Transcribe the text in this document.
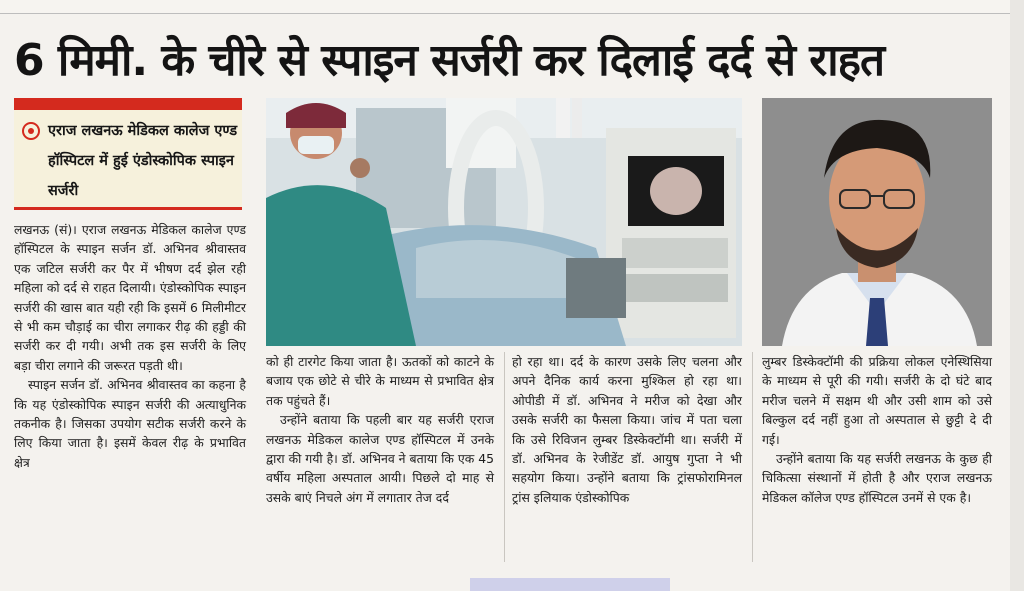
6 मिमी. के चीरे से स्पाइन सर्जरी कर दिलाई दर्द से राहत
एराज लखनऊ मेडिकल कालेज एण्ड हॉस्पिटल में हुई एंडोस्कोपिक स्पाइन सर्जरी

लखनऊ (सं)। एराज लखनऊ मेडिकल कालेज एण्ड हॉस्पिटल के स्पाइन सर्जन डॉ. अभिनव श्रीवास्तव एक जटिल सर्जरी कर पैर में भीषण दर्द झेल रही महिला को दर्द से राहत दिलायी। एंडोस्कोपिक स्पाइन सर्जरी की खास बात यही रही कि इसमें 6 मिलीमीटर से भी कम चौड़ाई का चीरा लगाकर रीढ़ की हड्डी की सर्जरी कर दी गयी। अभी तक इस सर्जरी के लिए बड़ा चीरा लगाने की जरूरत पड़ती थी।

स्पाइन सर्जन डॉ. अभिनव श्रीवास्तव का कहना है कि यह एंडोस्कोपिक स्पाइन सर्जरी की अत्याधुनिक तकनीक है। जिसका उपयोग सटीक सर्जरी करने के लिए किया जाता है। इसमें केवल रीढ़ के प्रभावित क्षेत्र

को ही टारगेट किया जाता है। ऊतकों को काटने के बजाय एक छोटे से चीरे के माध्यम से प्रभावित क्षेत्र तक पहुंचते हैं।

उन्होंने बताया कि पहली बार यह सर्जरी एराज लखनऊ मेडिकल कालेज एण्ड हॉस्पिटल में उनके द्वारा की गयी है। डॉ. अभिनव ने बताया कि एक 45 वर्षीय महिला अस्पताल आयी। पिछले दो माह से उसके बाएं निचले अंग में लगातार तेज दर्द

हो रहा था। दर्द के कारण उसके लिए चलना और अपने दैनिक कार्य करना मुश्किल हो रहा था। ओपीडी में डॉ. अभिनव ने मरीज को देखा और उसके सर्जरी का फैसला किया। जांच में पता चला कि उसे रिविजन लुम्बर डिस्केक्टॉमी था। सर्जरी में डॉ. अभिनव के रेजीडेंट डॉ. आयुष गुप्ता ने भी सहयोग किया। उन्होंने बताया कि ट्रांसफोरामिनल ट्रांस इलियाक एंडोस्कोपिक

लुम्बर डिस्केक्टॉमी की प्रक्रिया लोकल एनेस्थिसिया के माध्यम से पूरी की गयी। सर्जरी के दो घंटे बाद मरीज चलने में सक्षम थी और उसी शाम को उसे बिल्कुल दर्द नहीं हुआ तो अस्पताल से छुट्टी दे दी गई।

उन्होंने बताया कि यह सर्जरी लखनऊ के कुछ ही चिकित्सा संस्थानों में होती है और एराज लखनऊ मेडिकल कॉलेज एण्ड हॉस्पिटल उनमें से एक है।
